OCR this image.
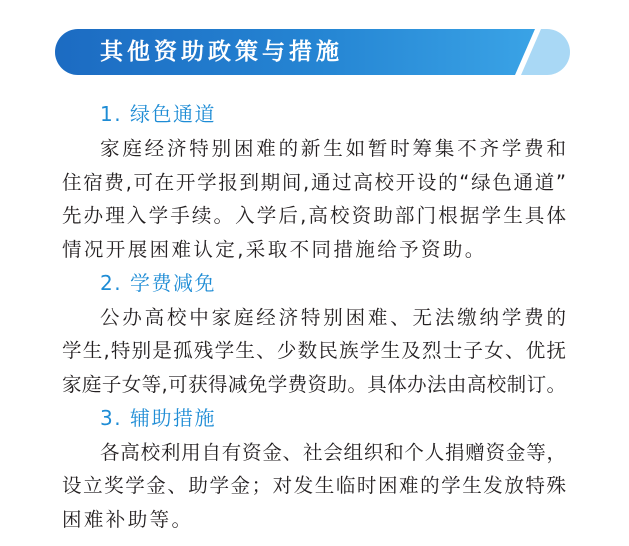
其他资助政策与措施
1. 绿色通道
家庭经济特别困难的新生如暂时筹集不齐学费和
住宿费,可在开学报到期间,通过高校开设的“绿色通道”
先办理入学手续。入学后,高校资助部门根据学生具体
情况开展困难认定,采取不同措施给予资助。
2. 学费减免
公办高校中家庭经济特别困难、无法缴纳学费的
学生,特别是孤残学生、少数民族学生及烈士子女、优抚
家庭子女等,可获得减免学费资助。具体办法由高校制订。
3. 辅助措施
各高校利用自有资金、社会组织和个人捐赠资金等，
设立奖学金、助学金；对发生临时困难的学生发放特殊
困难补助等。
